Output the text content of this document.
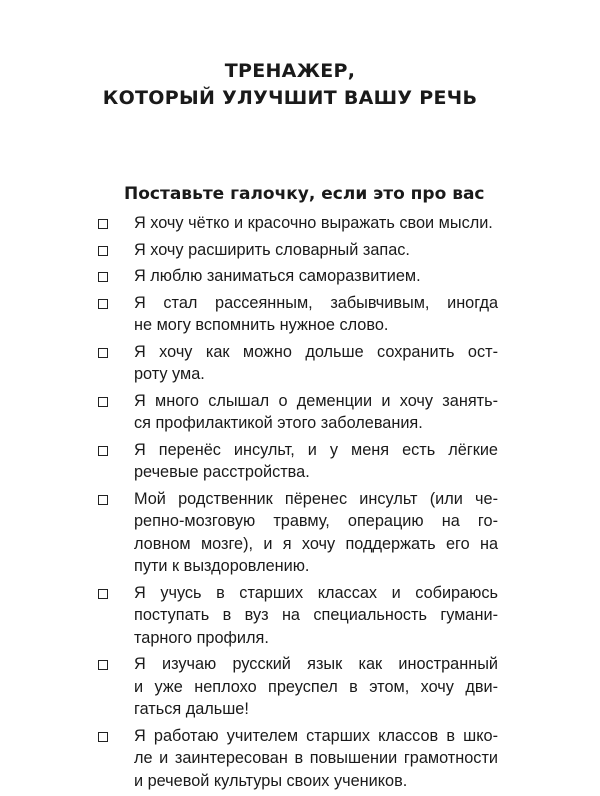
ТРЕНАЖЕР,
КОТОРЫЙ УЛУЧШИТ ВАШУ РЕЧЬ
Поставьте галочку, если это про вас
Я хочу чётко и красочно выражать свои мысли.
Я хочу расширить словарный запас.
Я люблю заниматься саморазвитием.
Я стал рассеянным, забывчивым, иногда
не могу вспомнить нужное слово.
Я хочу как можно дольше сохранить ост-
роту ума.
Я много слышал о деменции и хочу занять-
ся профилактикой этого заболевания.
Я перенёс инсульт, и у меня есть лёгкие
речевые расстройства.
Мой родственник пёренес инсульт (или че-
репно-мозговую травму, операцию на го-
ловном мозге), и я хочу поддержать его на
пути к выздоровлению.
Я учусь в старших классах и собираюсь
поступать в вуз на специальность гумани-
тарного профиля.
Я изучаю русский язык как иностранный
и уже неплохо преуспел в этом, хочу дви-
гаться дальше!
Я работаю учителем старших классов в шко-
ле и заинтересован в повышении грамотности
и речевой культуры своих учеников.
